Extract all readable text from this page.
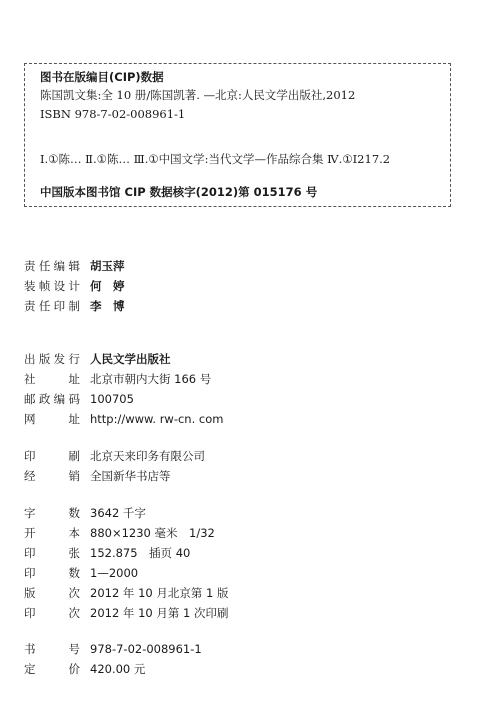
图书在版编目(CIP)数据
陈国凯文集:全 10 册/陈国凯著. —北京:人民文学出版社,2012
ISBN 978-7-02-008961-1
Ⅰ.①陈… Ⅱ.①陈… Ⅲ.①中国文学:当代文学—作品综合集 Ⅳ.①I217.2
中国版本图书馆 CIP 数据核字(2012)第 015176 号
责任编辑 胡玉萍
装帧设计 何　婷
责任印制 李　博
出版发行 人民文学出版社
社址 北京市朝内大街 166 号
邮政编码 100705
网址 http://www. rw-cn. com
印刷 北京天来印务有限公司
经销 全国新华书店等
字数 3642 千字
开本 880×1230 毫米　1/32
印张 152.875　插页 40
印数 1—2000
版次 2012 年 10 月北京第 1 版
印次 2012 年 10 月第 1 次印刷
书号 978-7-02-008961-1
定价 420.00 元
